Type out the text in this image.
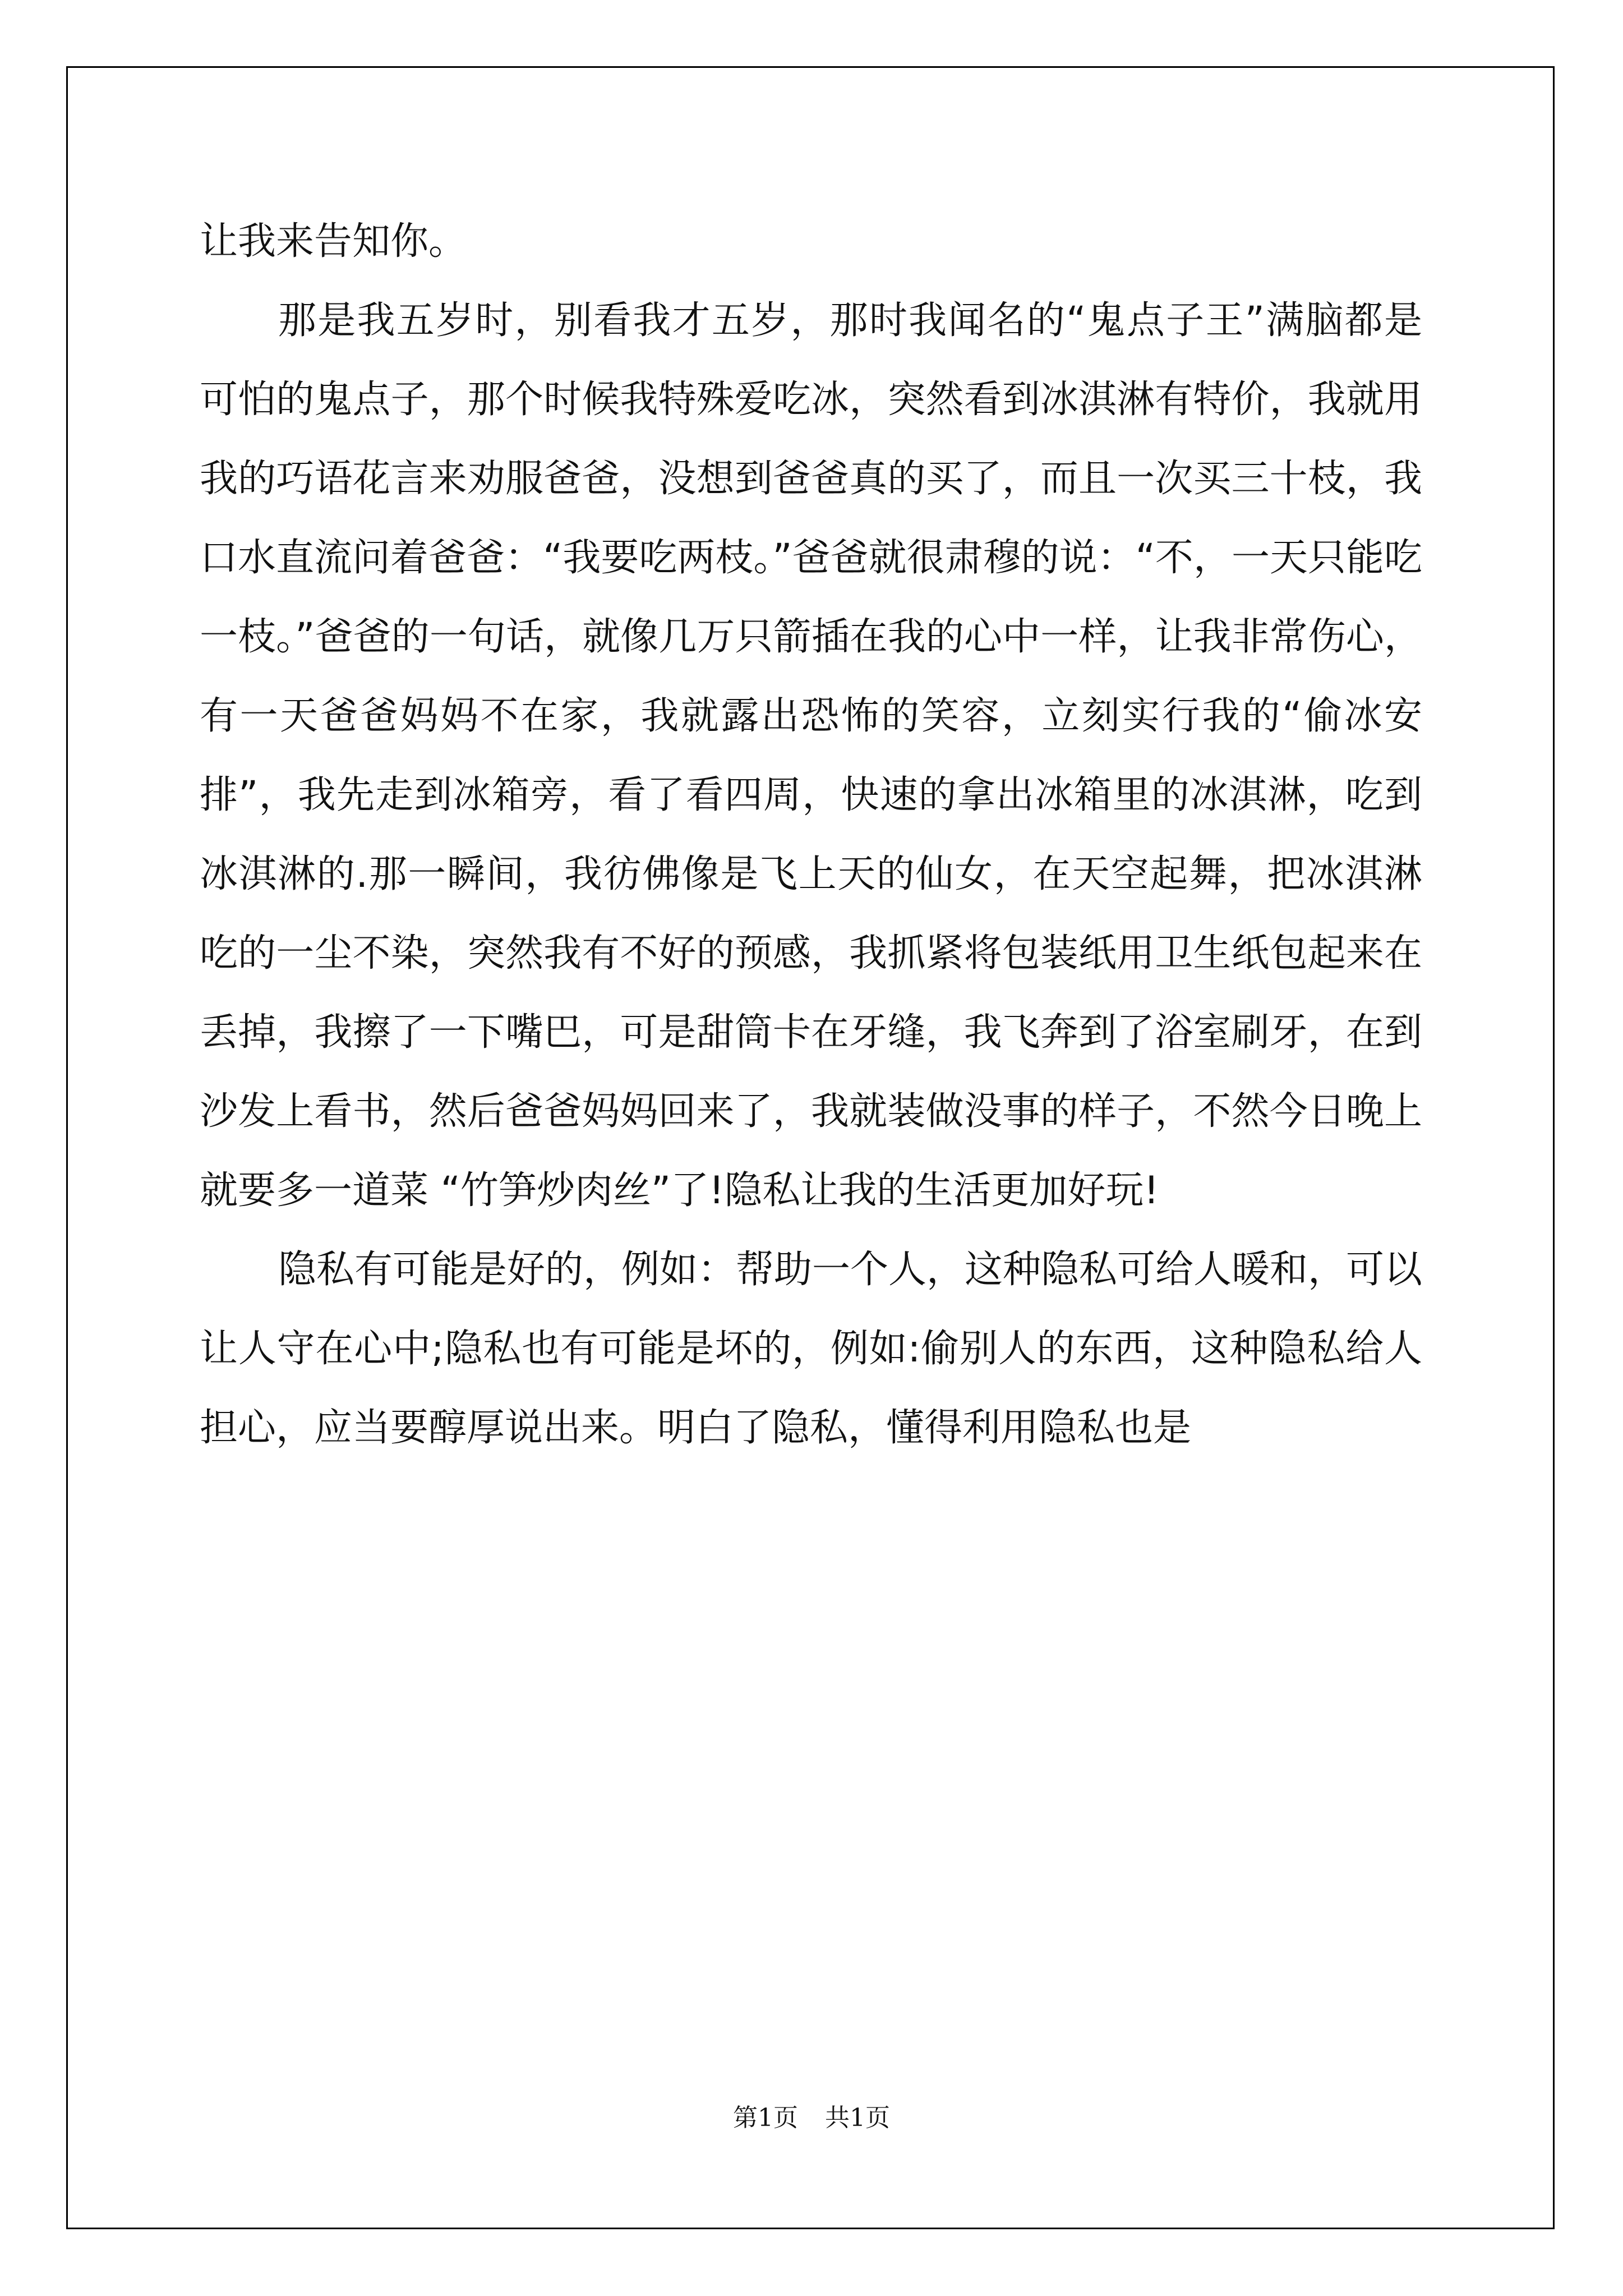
让我来告知你。

那是我五岁时，别看我才五岁，那时我闻名的“鬼点子王”满脑都是可怕的鬼点子，那个时候我特殊爱吃冰，突然看到冰淇淋有特价，我就用我的巧语花言来劝服爸爸，没想到爸爸真的买了，而且一次买三十枝，我口水直流问着爸爸：“我要吃两枝。”爸爸就很肃穆的说：“不，一天只能吃一枝。”爸爸的一句话，就像几万只箭插在我的心中一样，让我非常伤心，有一天爸爸妈妈不在家，我就露出恐怖的笑容，立刻实行我的“偷冰安排”，我先走到冰箱旁，看了看四周，快速的拿出冰箱里的冰淇淋，吃到冰淇淋的.那一瞬间，我彷佛像是飞上天的仙女，在天空起舞，把冰淇淋吃的一尘不染，突然我有不好的预感，我抓紧将包装纸用卫生纸包起来在丢掉，我擦了一下嘴巴，可是甜筒卡在牙缝，我飞奔到了浴室刷牙，在到沙发上看书，然后爸爸妈妈回来了，我就装做没事的样子，不然今日晚上就要多一道菜 “竹笋炒肉丝”了!隐私让我的生活更加好玩!

隐私有可能是好的，例如：帮助一个人，这种隐私可给人暖和，可以让人守在心中;隐私也有可能是坏的，例如:偷别人的东西，这种隐私给人担心，应当要醇厚说出来。明白了隐私，懂得利用隐私也是

第1页 共1页
